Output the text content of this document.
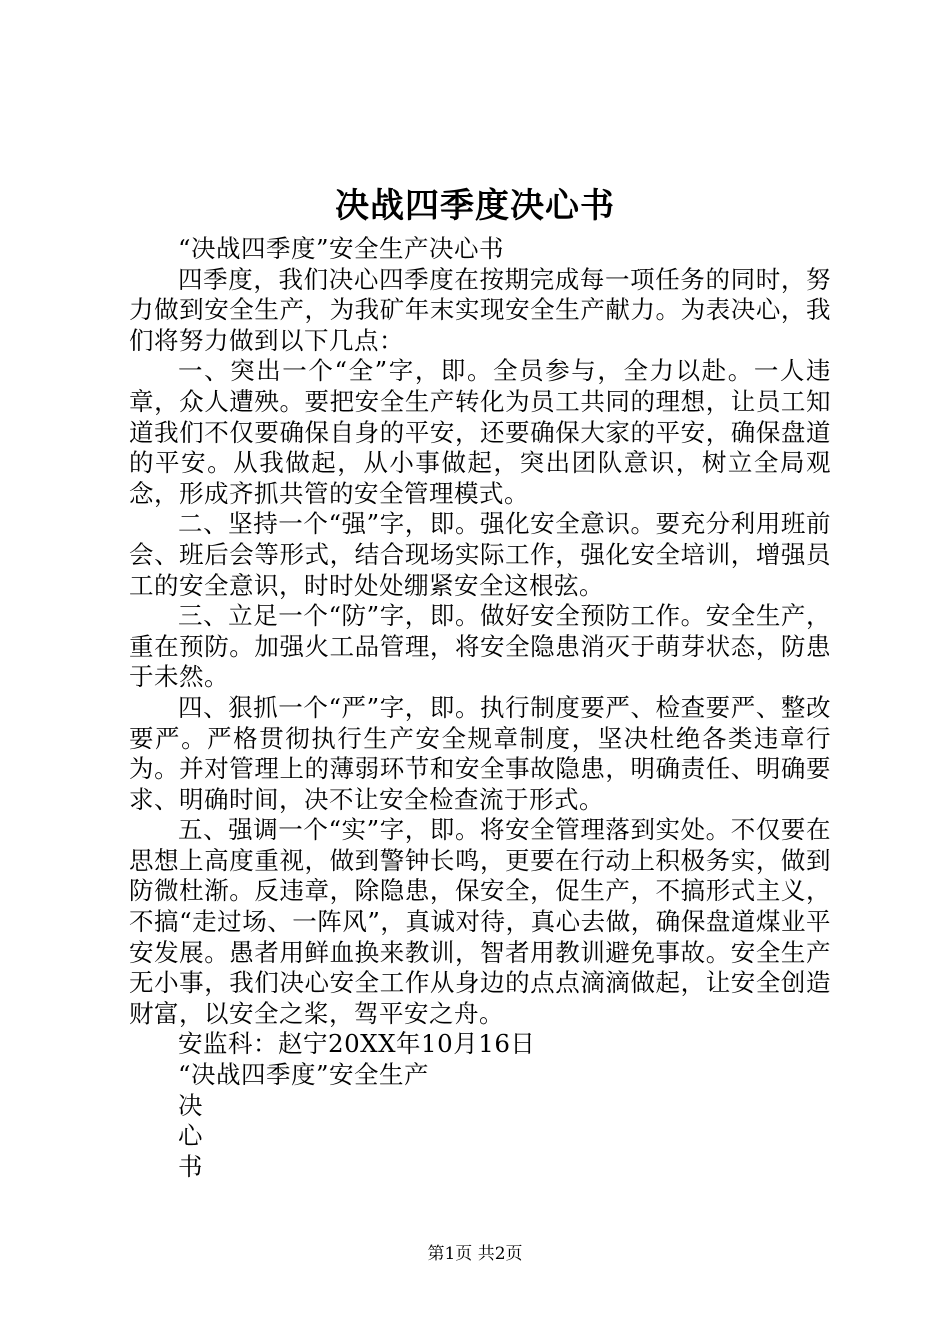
决战四季度决心书

“决战四季度”安全生产决心书

四季度，我们决心四季度在按期完成每一项任务的同时，努力做到安全生产，为我矿年末实现安全生产献力。为表决心，我们将努力做到以下几点：

一、突出一个“全”字，即。全员参与，全力以赴。一人违章，众人遭殃。要把安全生产转化为员工共同的理想，让员工知道我们不仅要确保自身的平安，还要确保大家的平安，确保盘道的平安。从我做起，从小事做起，突出团队意识，树立全局观念，形成齐抓共管的安全管理模式。

二、坚持一个“强”字，即。强化安全意识。要充分利用班前会、班后会等形式，结合现场实际工作，强化安全培训，增强员工的安全意识，时时处处绷紧安全这根弦。

三、立足一个“防”字，即。做好安全预防工作。安全生产，重在预防。加强火工品管理，将安全隐患消灭于萌芽状态，防患于未然。

四、狠抓一个“严”字，即。执行制度要严、检查要严、整改要严。严格贯彻执行生产安全规章制度，坚决杜绝各类违章行为。并对管理上的薄弱环节和安全事故隐患，明确责任、明确要求、明确时间，决不让安全检查流于形式。

五、强调一个“实”字，即。将安全管理落到实处。不仅要在思想上高度重视，做到警钟长鸣，更要在行动上积极务实，做到防微杜渐。反违章，除隐患，保安全，促生产，不搞形式主义，不搞“走过场、一阵风”，真诚对待，真心去做，确保盘道煤业平安发展。愚者用鲜血换来教训，智者用教训避免事故。安全生产无小事，我们决心安全工作从身边的点点滴滴做起，让安全创造财富，以安全之桨，驾平安之舟。

安监科：赵宁20XX年10月16日

“决战四季度”安全生产

决

心

书

第1页 共2页
